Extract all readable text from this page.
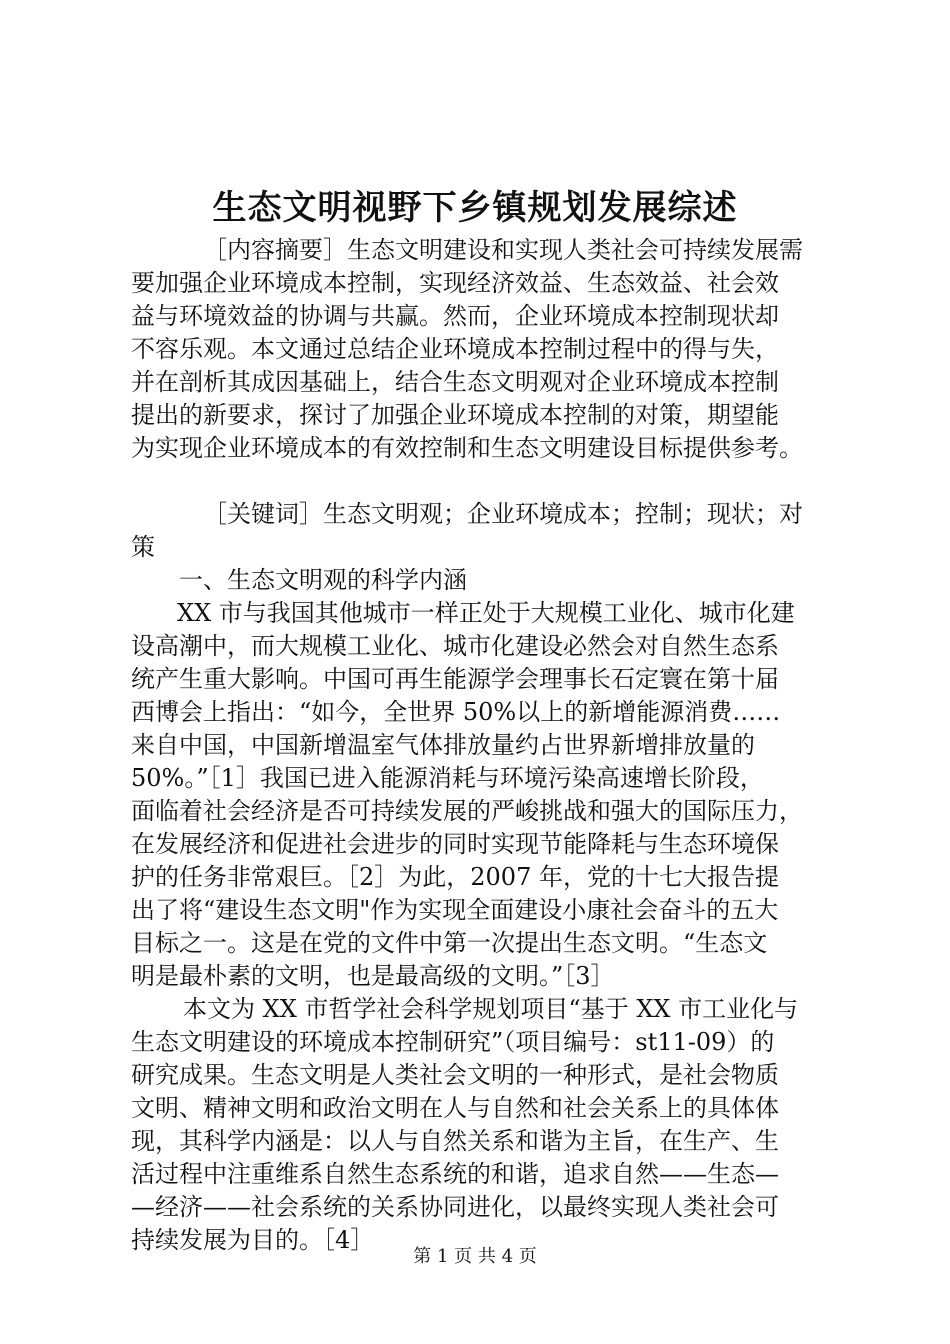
生态文明视野下乡镇规划发展综述
［内容摘要］生态文明建设和实现人类社会可持续发展需
要加强企业环境成本控制，实现经济效益、生态效益、社会效
益与环境效益的协调与共赢。然而，企业环境成本控制现状却
不容乐观。本文通过总结企业环境成本控制过程中的得与失，
并在剖析其成因基础上，结合生态文明观对企业环境成本控制
提出的新要求，探讨了加强企业环境成本控制的对策，期望能
为实现企业环境成本的有效控制和生态文明建设目标提供参考。
［关键词］生态文明观；企业环境成本；控制；现状；对
策
一、生态文明观的科学内涵
XX 市与我国其他城市一样正处于大规模工业化、城市化建
设高潮中，而大规模工业化、城市化建设必然会对自然生态系
统产生重大影响。中国可再生能源学会理事长石定寰在第十届
西博会上指出：“如今，全世界 50%以上的新增能源消费……
来自中国，中国新增温室气体排放量约占世界新增排放量的
50%。”［1］我国已进入能源消耗与环境污染高速增长阶段，
面临着社会经济是否可持续发展的严峻挑战和强大的国际压力，
在发展经济和促进社会进步的同时实现节能降耗与生态环境保
护的任务非常艰巨。［2］为此，2007 年，党的十七大报告提
出了将“建设生态文明"作为实现全面建设小康社会奋斗的五大
目标之一。这是在党的文件中第一次提出生态文明。“生态文
明是最朴素的文明，也是最高级的文明。”［3］
本文为 XX 市哲学社会科学规划项目“基于 XX 市工业化与
生态文明建设的环境成本控制研究”（项目编号：st11-09）的
研究成果。生态文明是人类社会文明的一种形式，是社会物质
文明、精神文明和政治文明在人与自然和社会关系上的具体体
现，其科学内涵是：以人与自然关系和谐为主旨，在生产、生
活过程中注重维系自然生态系统的和谐，追求自然——生态—
—经济——社会系统的关系协同进化，以最终实现人类社会可
持续发展为目的。［4］
第 1 页 共 4 页
